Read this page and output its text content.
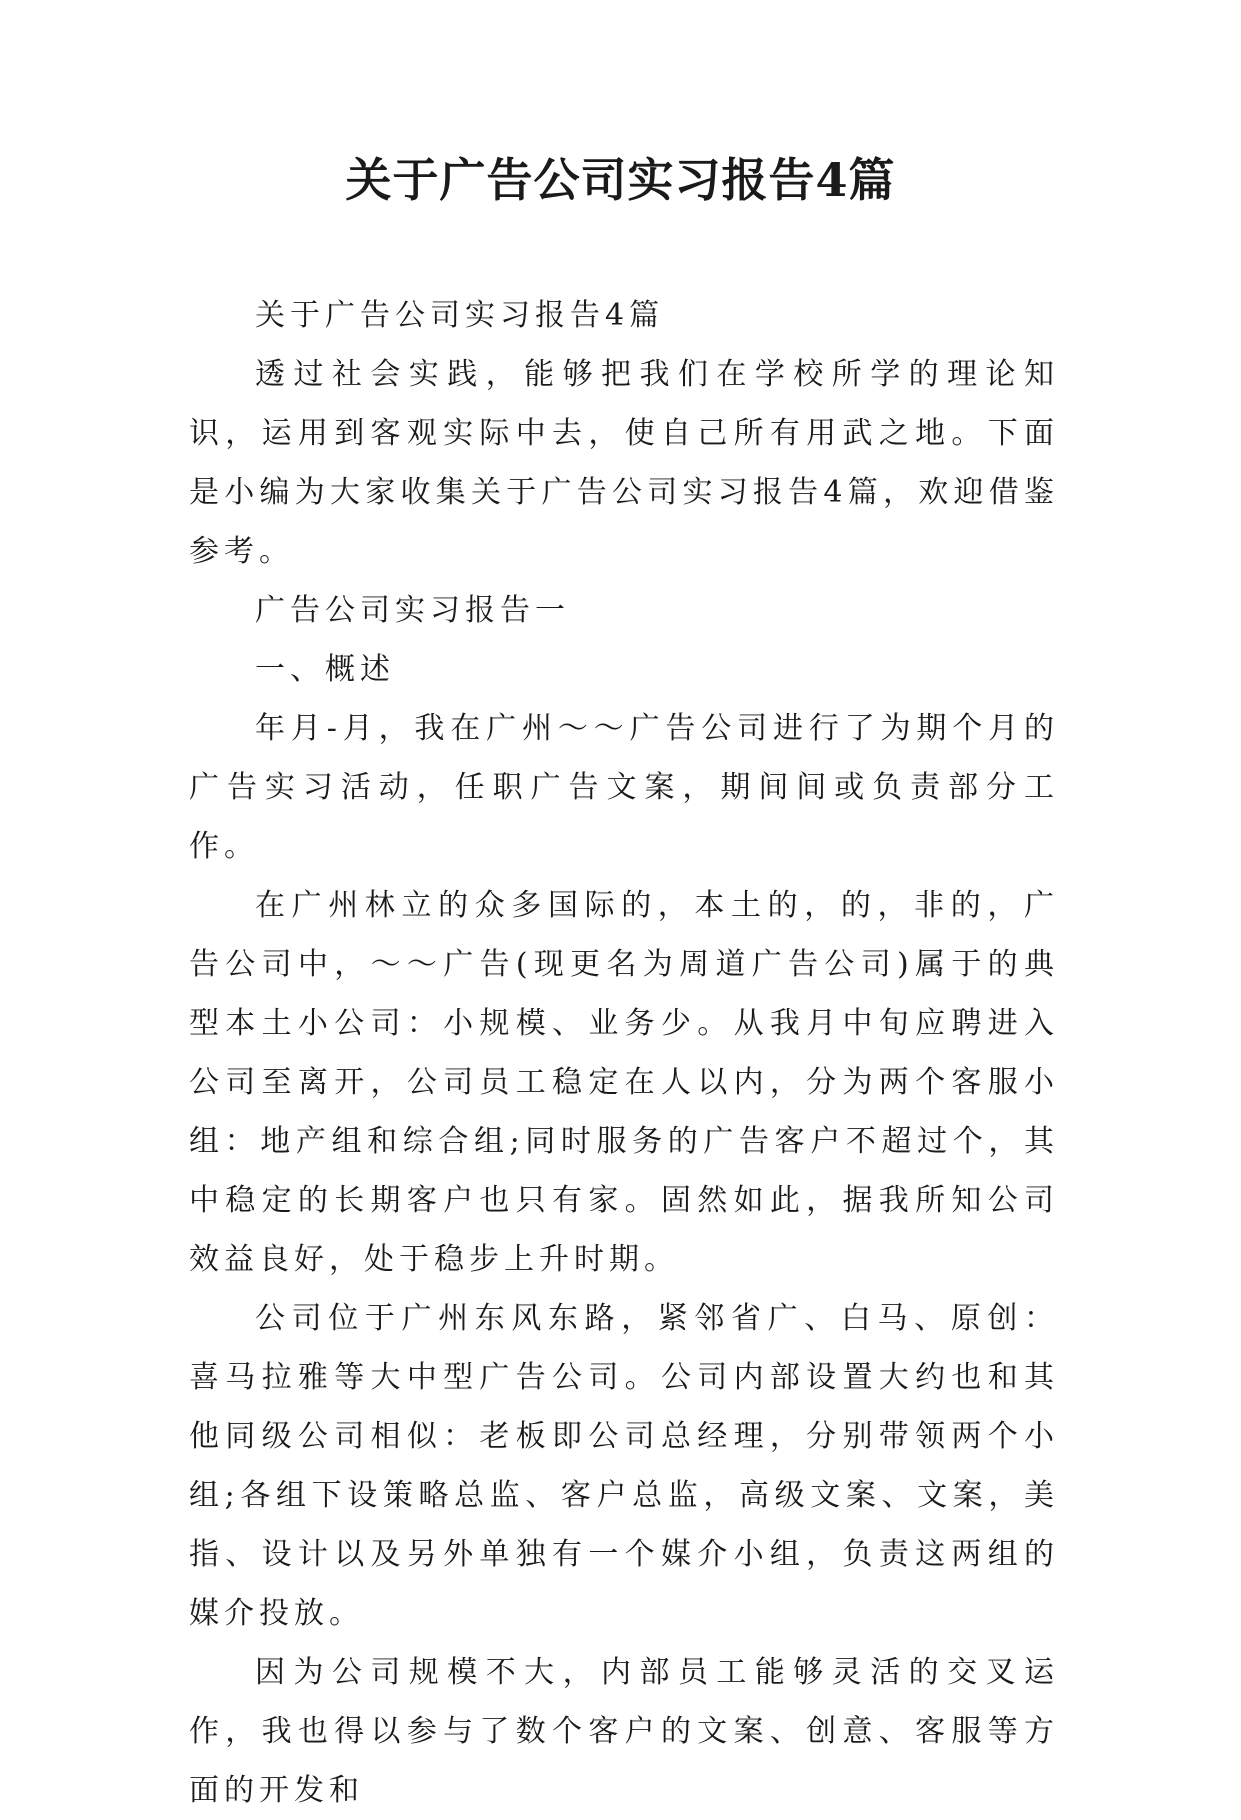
关于广告公司实习报告4篇

关于广告公司实习报告4篇

透过社会实践，能够把我们在学校所学的理论知识，运用到客观实际中去，使自己所有用武之地。下面是小编为大家收集关于广告公司实习报告4篇，欢迎借鉴参考。

广告公司实习报告一

一、概述

年月-月，我在广州～～广告公司进行了为期个月的广告实习活动，任职广告文案，期间间或负责部分工作。

在广州林立的众多国际的，本土的，的，非的，广告公司中，～～广告(现更名为周道广告公司)属于的典型本土小公司：小规模、业务少。从我月中旬应聘进入公司至离开，公司员工稳定在人以内，分为两个客服小组：地产组和综合组;同时服务的广告客户不超过个，其中稳定的长期客户也只有家。固然如此，据我所知公司效益良好，处于稳步上升时期。

公司位于广州东风东路，紧邻省广、白马、原创：喜马拉雅等大中型广告公司。公司内部设置大约也和其他同级公司相似：老板即公司总经理，分别带领两个小组;各组下设策略总监、客户总监，高级文案、文案，美指、设计以及另外单独有一个媒介小组，负责这两组的媒介投放。

因为公司规模不大，内部员工能够灵活的交叉运作，我也得以参与了数个客户的文案、创意、客服等方面的开发和
